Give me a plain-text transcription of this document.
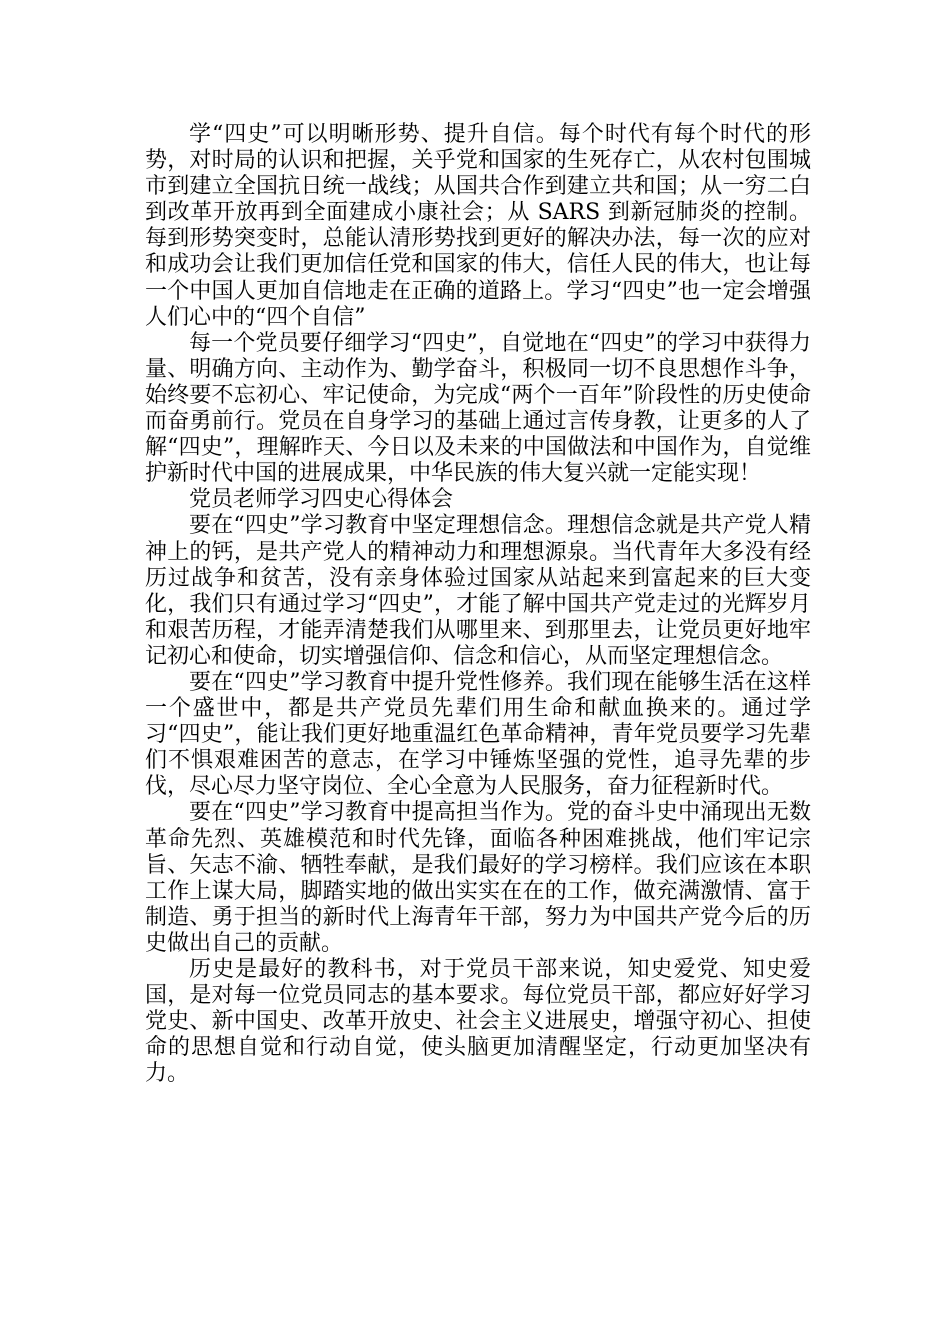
学“四史”可以明晰形势、提升自信。每个时代有每个时代的形势，对时局的认识和把握，关乎党和国家的生死存亡，从农村包围城市到建立全国抗日统一战线；从国共合作到建立共和国；从一穷二白到改革开放再到全面建成小康社会；从 SARS 到新冠肺炎的控制。每到形势突变时，总能认清形势找到更好的解决办法，每一次的应对和成功会让我们更加信任党和国家的伟大，信任人民的伟大，也让每一个中国人更加自信地走在正确的道路上。学习“四史”也一定会增强人们心中的“四个自信”

每一个党员要仔细学习“四史”，自觉地在“四史”的学习中获得力量、明确方向、主动作为、勤学奋斗，积极同一切不良思想作斗争，始终要不忘初心、牢记使命，为完成“两个一百年”阶段性的历史使命而奋勇前行。党员在自身学习的基础上通过言传身教，让更多的人了解“四史”，理解昨天、今日以及未来的中国做法和中国作为，自觉维护新时代中国的进展成果，中华民族的伟大复兴就一定能实现！

党员老师学习四史心得体会

要在“四史”学习教育中坚定理想信念。理想信念就是共产党人精神上的钙，是共产党人的精神动力和理想源泉。当代青年大多没有经历过战争和贫苦，没有亲身体验过国家从站起来到富起来的巨大变化，我们只有通过学习“四史”，才能了解中国共产党走过的光辉岁月和艰苦历程，才能弄清楚我们从哪里来、到那里去，让党员更好地牢记初心和使命，切实增强信仰、信念和信心，从而坚定理想信念。

要在“四史”学习教育中提升党性修养。我们现在能够生活在这样一个盛世中，都是共产党员先辈们用生命和献血换来的。通过学习“四史”，能让我们更好地重温红色革命精神，青年党员要学习先辈们不惧艰难困苦的意志，在学习中锤炼坚强的党性，追寻先辈的步伐，尽心尽力坚守岗位、全心全意为人民服务，奋力征程新时代。

要在“四史”学习教育中提高担当作为。党的奋斗史中涌现出无数革命先烈、英雄模范和时代先锋，面临各种困难挑战，他们牢记宗旨、矢志不渝、牺牲奉献，是我们最好的学习榜样。我们应该在本职工作上谋大局，脚踏实地的做出实实在在的工作，做充满激情、富于制造、勇于担当的新时代上海青年干部，努力为中国共产党今后的历史做出自己的贡献。

历史是最好的教科书，对于党员干部来说，知史爱党、知史爱国，是对每一位党员同志的基本要求。每位党员干部，都应好好学习党史、新中国史、改革开放史、社会主义进展史，增强守初心、担使命的思想自觉和行动自觉，使头脑更加清醒坚定，行动更加坚决有力。
